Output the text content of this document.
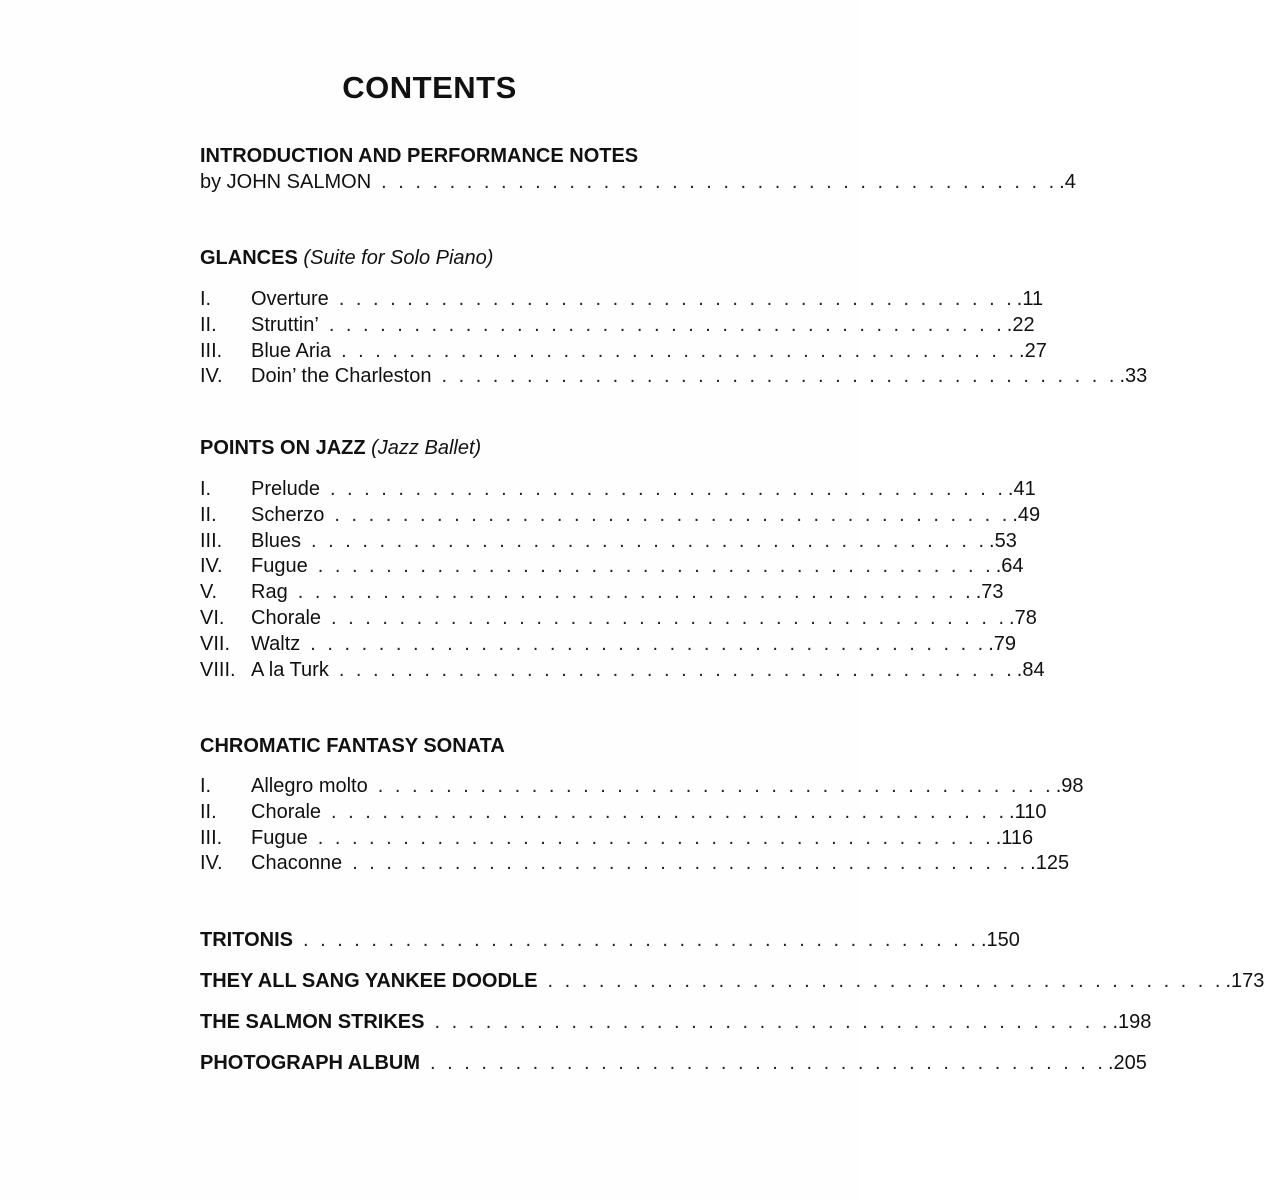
CONTENTS
INTRODUCTION AND PERFORMANCE NOTES
by JOHN SALMON . . . . . . . . . . . . . . . . . . . . . . . . . . . . . . . . . . . . . . . . .4
GLANCES (Suite for Solo Piano)
I.	Overture . . . . . . . . . . . . . . . . . . . . . . . . . . . . . . . . . . . . . . . . .11
II.	Struttin’ . . . . . . . . . . . . . . . . . . . . . . . . . . . . . . . . . . . . . . . . .22
III.	Blue Aria . . . . . . . . . . . . . . . . . . . . . . . . . . . . . . . . . . . . . . . . .27
IV.	Doin’ the Charleston . . . . . . . . . . . . . . . . . . . . . . . . . . . . . . . . . . . . . . . . .33
POINTS ON JAZZ (Jazz Ballet)
I.	Prelude . . . . . . . . . . . . . . . . . . . . . . . . . . . . . . . . . . . . . . . . .41
II.	Scherzo . . . . . . . . . . . . . . . . . . . . . . . . . . . . . . . . . . . . . . . . .49
III.	Blues . . . . . . . . . . . . . . . . . . . . . . . . . . . . . . . . . . . . . . . . .53
IV.	Fugue . . . . . . . . . . . . . . . . . . . . . . . . . . . . . . . . . . . . . . . . .64
V.	Rag . . . . . . . . . . . . . . . . . . . . . . . . . . . . . . . . . . . . . . . . .73
VI.	Chorale . . . . . . . . . . . . . . . . . . . . . . . . . . . . . . . . . . . . . . . . .78
VII.	Waltz . . . . . . . . . . . . . . . . . . . . . . . . . . . . . . . . . . . . . . . . .79
VIII. A la Turk . . . . . . . . . . . . . . . . . . . . . . . . . . . . . . . . . . . . . . . . .84
CHROMATIC FANTASY SONATA
I.	Allegro molto . . . . . . . . . . . . . . . . . . . . . . . . . . . . . . . . . . . . . . . . .98
II.	Chorale . . . . . . . . . . . . . . . . . . . . . . . . . . . . . . . . . . . . . . . . .110
III.	Fugue . . . . . . . . . . . . . . . . . . . . . . . . . . . . . . . . . . . . . . . . .116
IV.	Chaconne . . . . . . . . . . . . . . . . . . . . . . . . . . . . . . . . . . . . . . . . .125
TRITONIS . . . . . . . . . . . . . . . . . . . . . . . . . . . . . . . . . . . . . . . . .150
THEY ALL SANG YANKEE DOODLE . . . . . . . . . . . . . . . . . . . . . . . . . . . . . . . . . . . . . . . . .173
THE SALMON STRIKES . . . . . . . . . . . . . . . . . . . . . . . . . . . . . . . . . . . . . . . . .198
PHOTOGRAPH ALBUM . . . . . . . . . . . . . . . . . . . . . . . . . . . . . . . . . . . . . . . . .205
